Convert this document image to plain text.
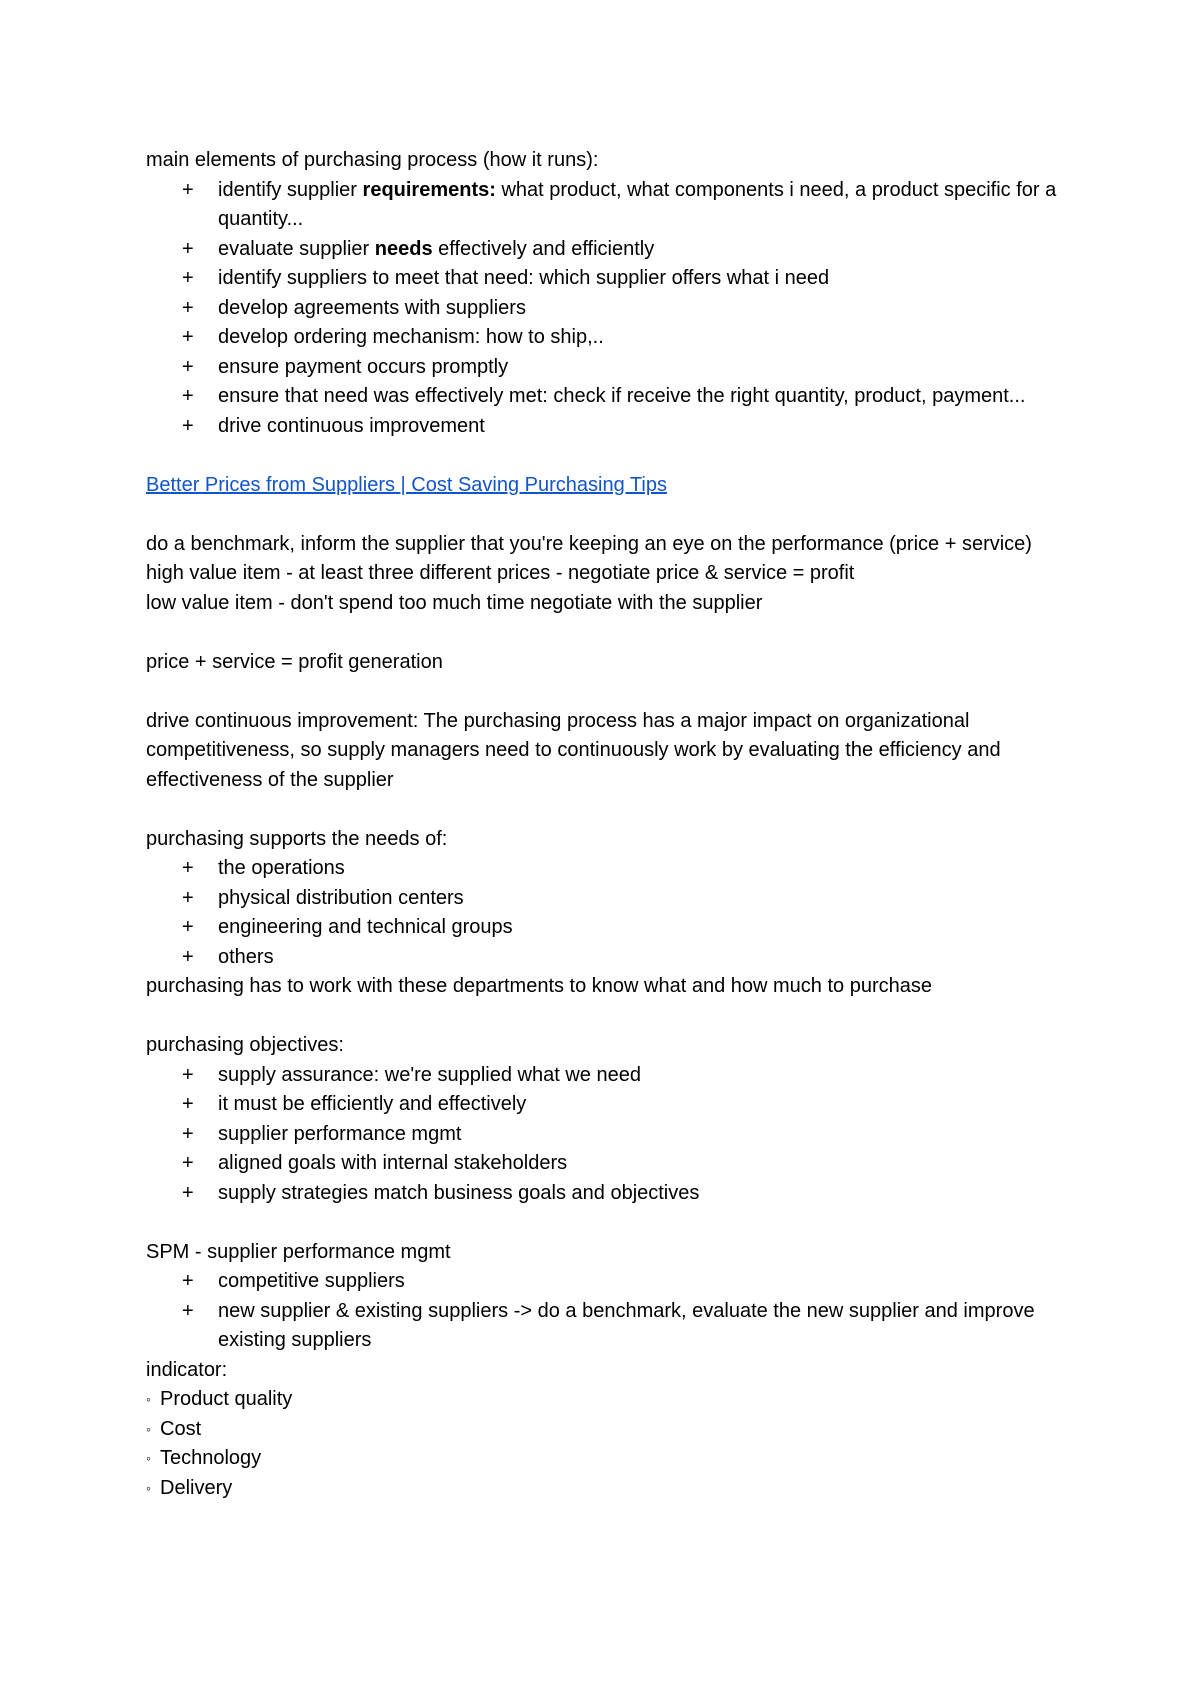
main elements of purchasing process (how it runs):

+ identify supplier requirements: what product, what components i need, a product specific for a quantity...
+ evaluate supplier needs effectively and efficiently
+ identify suppliers to meet that need: which supplier offers what i need
+ develop agreements with suppliers
+ develop ordering mechanism: how to ship,..
+ ensure payment occurs promptly
+ ensure that need was effectively met: check if receive the right quantity, product, payment...
+ drive continuous improvement

Better Prices from Suppliers | Cost Saving Purchasing Tips

do a benchmark, inform the supplier that you're keeping an eye on the performance (price + service)

high value item - at least three different prices - negotiate price & service = profit

low value item - don't spend too much time negotiate with the supplier

price + service = profit generation

drive continuous improvement: The purchasing process has a major impact on organizational competitiveness, so supply managers need to continuously work by evaluating the efficiency and effectiveness of the supplier

purchasing supports the needs of:

+ the operations
+ physical distribution centers
+ engineering and technical groups
+ others

purchasing has to work with these departments to know what and how much to purchase

purchasing objectives:

+ supply assurance: we're supplied what we need
+ it must be efficiently and effectively
+ supplier performance mgmt
+ aligned goals with internal stakeholders
+ supply strategies match business goals and objectives

SPM - supplier performance mgmt

+ competitive suppliers
+ new supplier & existing suppliers -> do a benchmark, evaluate the new supplier and improve existing suppliers

indicator:

◦ Product quality
◦ Cost
◦ Technology
◦ Delivery
